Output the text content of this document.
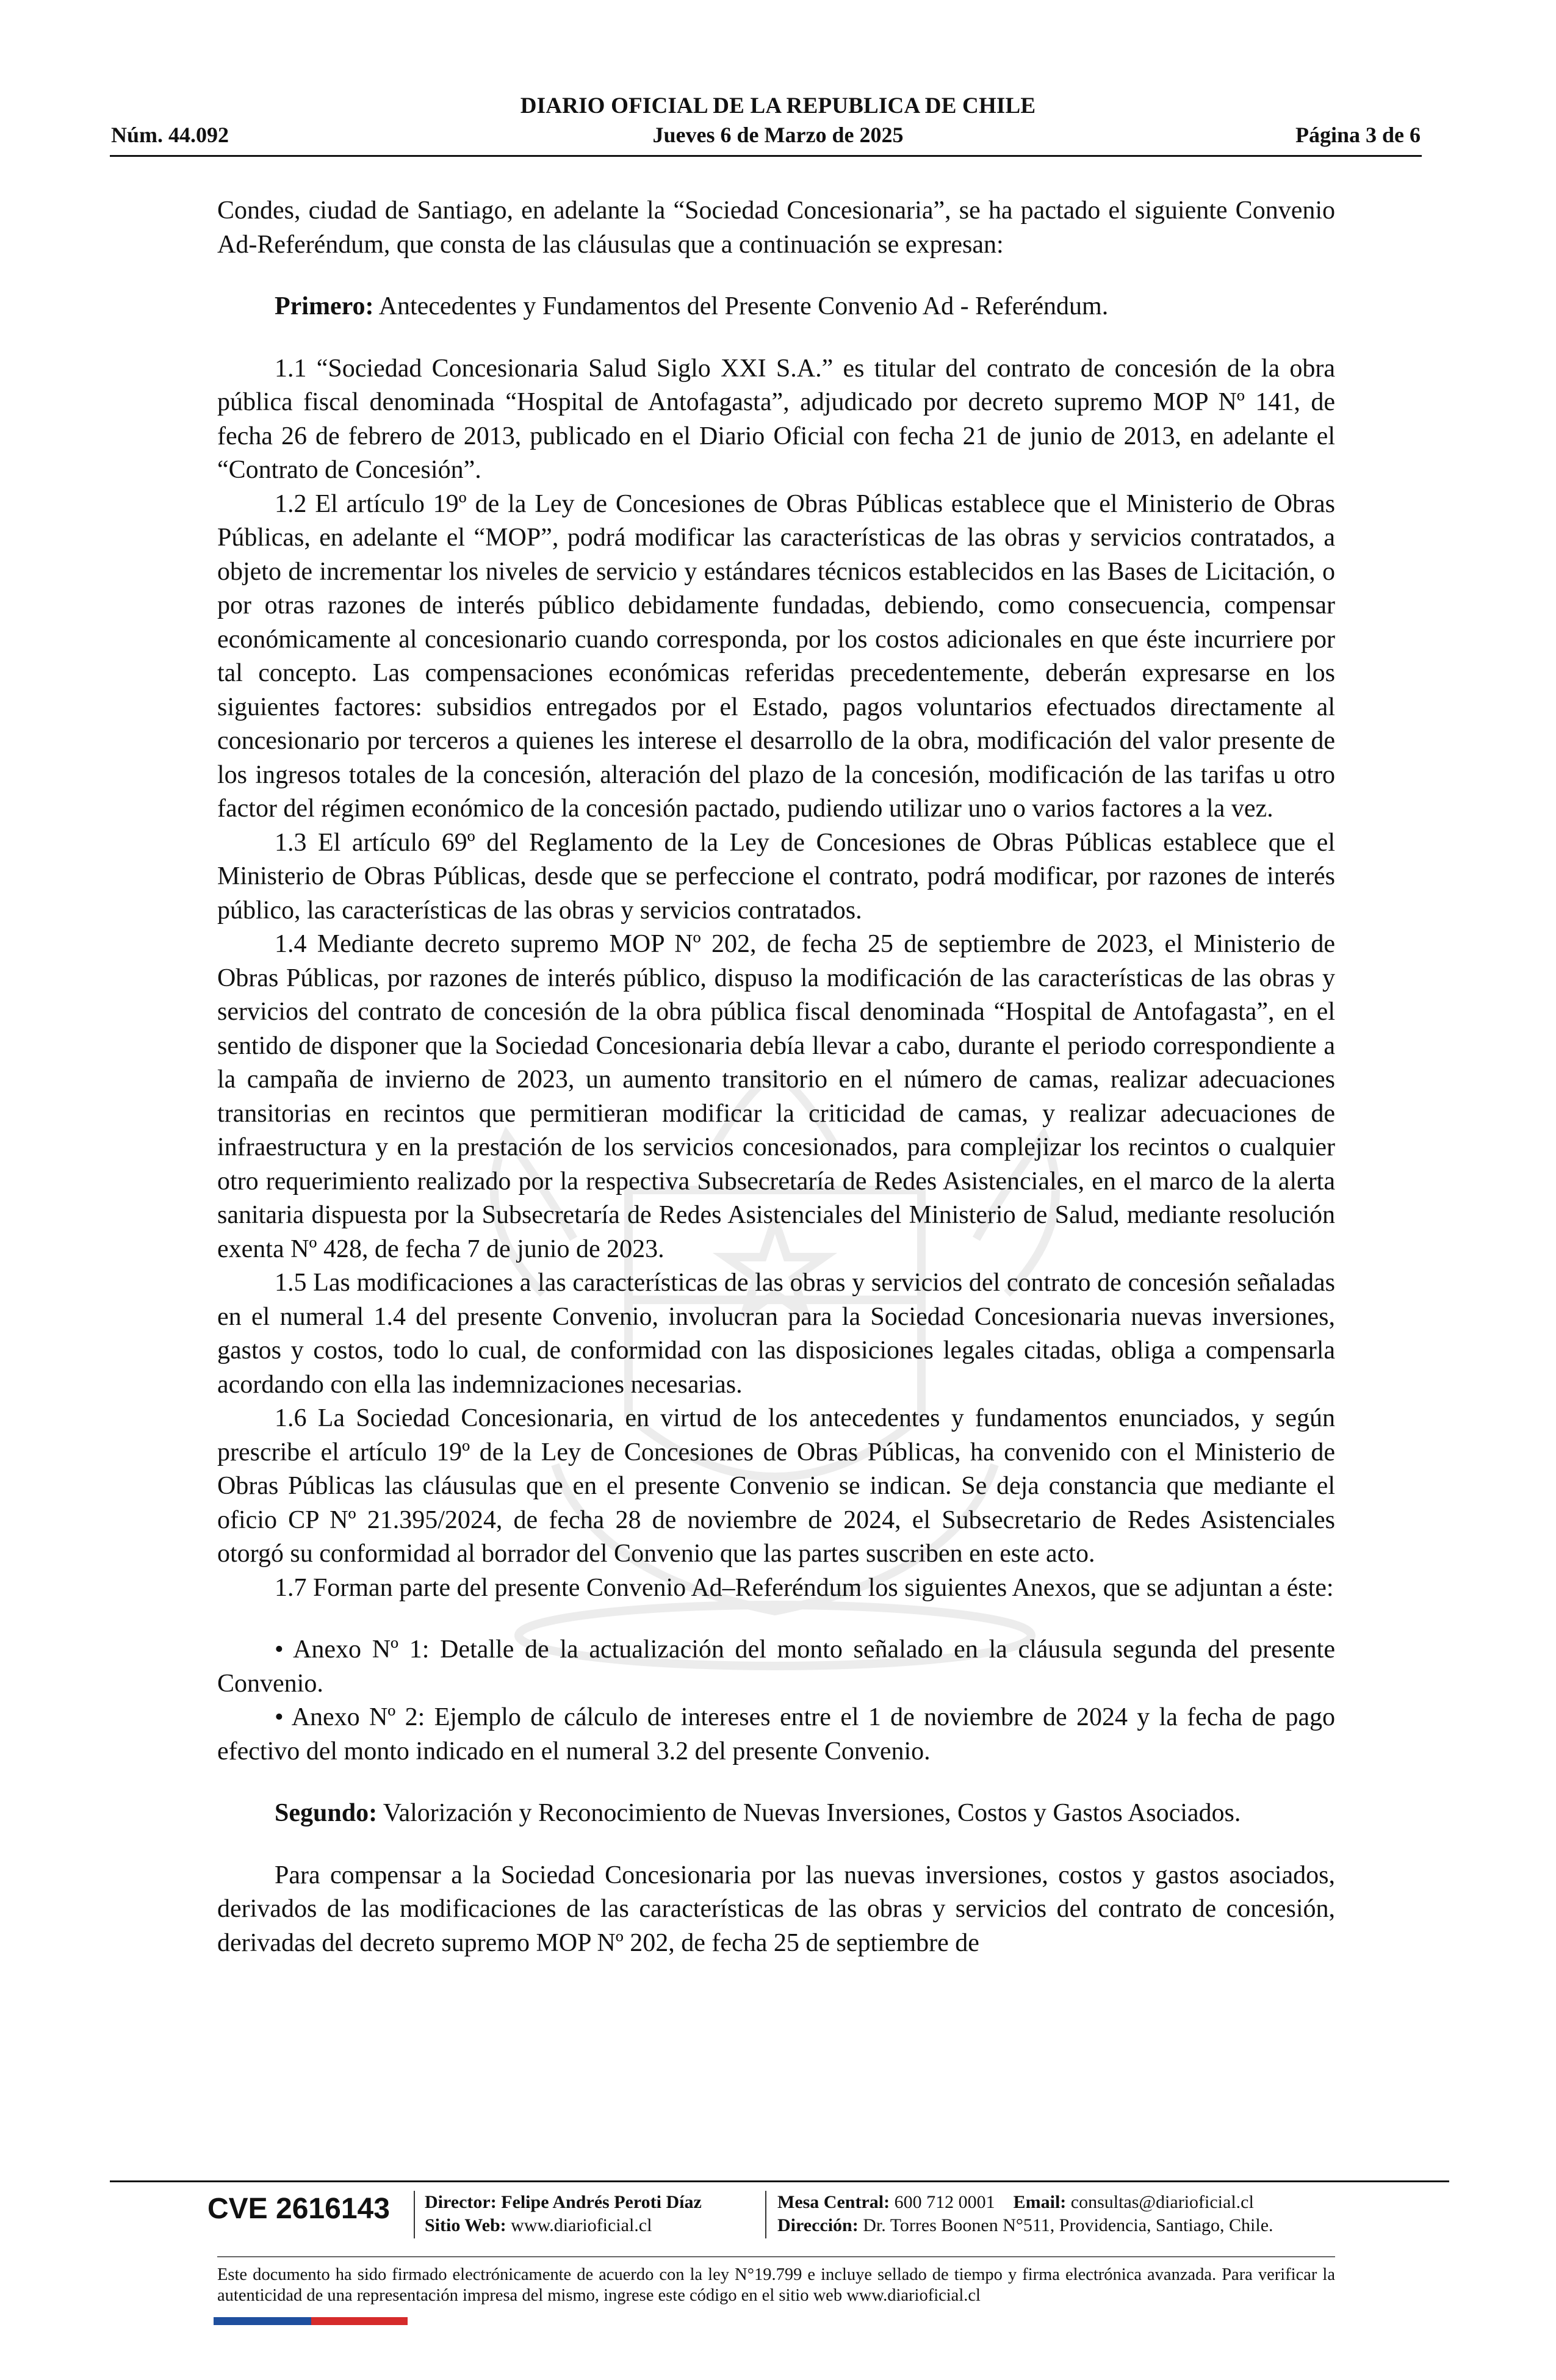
DIARIO OFICIAL DE LA REPUBLICA DE CHILE
Núm. 44.092	Jueves 6 de Marzo de 2025	Página 3 de 6

Condes, ciudad de Santiago, en adelante la “Sociedad Concesionaria”, se ha pactado el siguiente Convenio Ad-Referéndum, que consta de las cláusulas que a continuación se expresan:

Primero: Antecedentes y Fundamentos del Presente Convenio Ad - Referéndum.

1.1 “Sociedad Concesionaria Salud Siglo XXI S.A.” es titular del contrato de concesión de la obra pública fiscal denominada “Hospital de Antofagasta”, adjudicado por decreto supremo MOP Nº 141, de fecha 26 de febrero de 2013, publicado en el Diario Oficial con fecha 21 de junio de 2013, en adelante el “Contrato de Concesión”.

1.2 El artículo 19º de la Ley de Concesiones de Obras Públicas establece que el Ministerio de Obras Públicas, en adelante el “MOP”, podrá modificar las características de las obras y servicios contratados, a objeto de incrementar los niveles de servicio y estándares técnicos establecidos en las Bases de Licitación, o por otras razones de interés público debidamente fundadas, debiendo, como consecuencia, compensar económicamente al concesionario cuando corresponda, por los costos adicionales en que éste incurriere por tal concepto. Las compensaciones económicas referidas precedentemente, deberán expresarse en los siguientes factores: subsidios entregados por el Estado, pagos voluntarios efectuados directamente al concesionario por terceros a quienes les interese el desarrollo de la obra, modificación del valor presente de los ingresos totales de la concesión, alteración del plazo de la concesión, modificación de las tarifas u otro factor del régimen económico de la concesión pactado, pudiendo utilizar uno o varios factores a la vez.

1.3 El artículo 69º del Reglamento de la Ley de Concesiones de Obras Públicas establece que el Ministerio de Obras Públicas, desde que se perfeccione el contrato, podrá modificar, por razones de interés público, las características de las obras y servicios contratados.

1.4 Mediante decreto supremo MOP Nº 202, de fecha 25 de septiembre de 2023, el Ministerio de Obras Públicas, por razones de interés público, dispuso la modificación de las características de las obras y servicios del contrato de concesión de la obra pública fiscal denominada “Hospital de Antofagasta”, en el sentido de disponer que la Sociedad Concesionaria debía llevar a cabo, durante el periodo correspondiente a la campaña de invierno de 2023, un aumento transitorio en el número de camas, realizar adecuaciones transitorias en recintos que permitieran modificar la criticidad de camas, y realizar adecuaciones de infraestructura y en la prestación de los servicios concesionados, para complejizar los recintos o cualquier otro requerimiento realizado por la respectiva Subsecretaría de Redes Asistenciales, en el marco de la alerta sanitaria dispuesta por la Subsecretaría de Redes Asistenciales del Ministerio de Salud, mediante resolución exenta Nº 428, de fecha 7 de junio de 2023.

1.5 Las modificaciones a las características de las obras y servicios del contrato de concesión señaladas en el numeral 1.4 del presente Convenio, involucran para la Sociedad Concesionaria nuevas inversiones, gastos y costos, todo lo cual, de conformidad con las disposiciones legales citadas, obliga a compensarla acordando con ella las indemnizaciones necesarias.

1.6 La Sociedad Concesionaria, en virtud de los antecedentes y fundamentos enunciados, y según prescribe el artículo 19º de la Ley de Concesiones de Obras Públicas, ha convenido con el Ministerio de Obras Públicas las cláusulas que en el presente Convenio se indican. Se deja constancia que mediante el oficio CP Nº 21.395/2024, de fecha 28 de noviembre de 2024, el Subsecretario de Redes Asistenciales otorgó su conformidad al borrador del Convenio que las partes suscriben en este acto.

1.7 Forman parte del presente Convenio Ad–Referéndum los siguientes Anexos, que se adjuntan a éste:

• Anexo Nº 1: Detalle de la actualización del monto señalado en la cláusula segunda del presente Convenio.

• Anexo Nº 2: Ejemplo de cálculo de intereses entre el 1 de noviembre de 2024 y la fecha de pago efectivo del monto indicado en el numeral 3.2 del presente Convenio.

Segundo: Valorización y Reconocimiento de Nuevas Inversiones, Costos y Gastos Asociados.

Para compensar a la Sociedad Concesionaria por las nuevas inversiones, costos y gastos asociados, derivados de las modificaciones de las características de las obras y servicios del contrato de concesión, derivadas del decreto supremo MOP Nº 202, de fecha 25 de septiembre de

CVE 2616143 Director: Felipe Andrés Peroti Díaz
Sitio Web: www.diarioficial.cl
Mesa Central: 600 712 0001 Email: consultas@diarioficial.cl
Dirección: Dr. Torres Boonen N°511, Providencia, Santiago, Chile.
Este documento ha sido firmado electrónicamente de acuerdo con la ley N°19.799 e incluye sellado de tiempo y firma electrónica avanzada. Para verificar la autenticidad de una representación impresa del mismo, ingrese este código en el sitio web www.diarioficial.cl
